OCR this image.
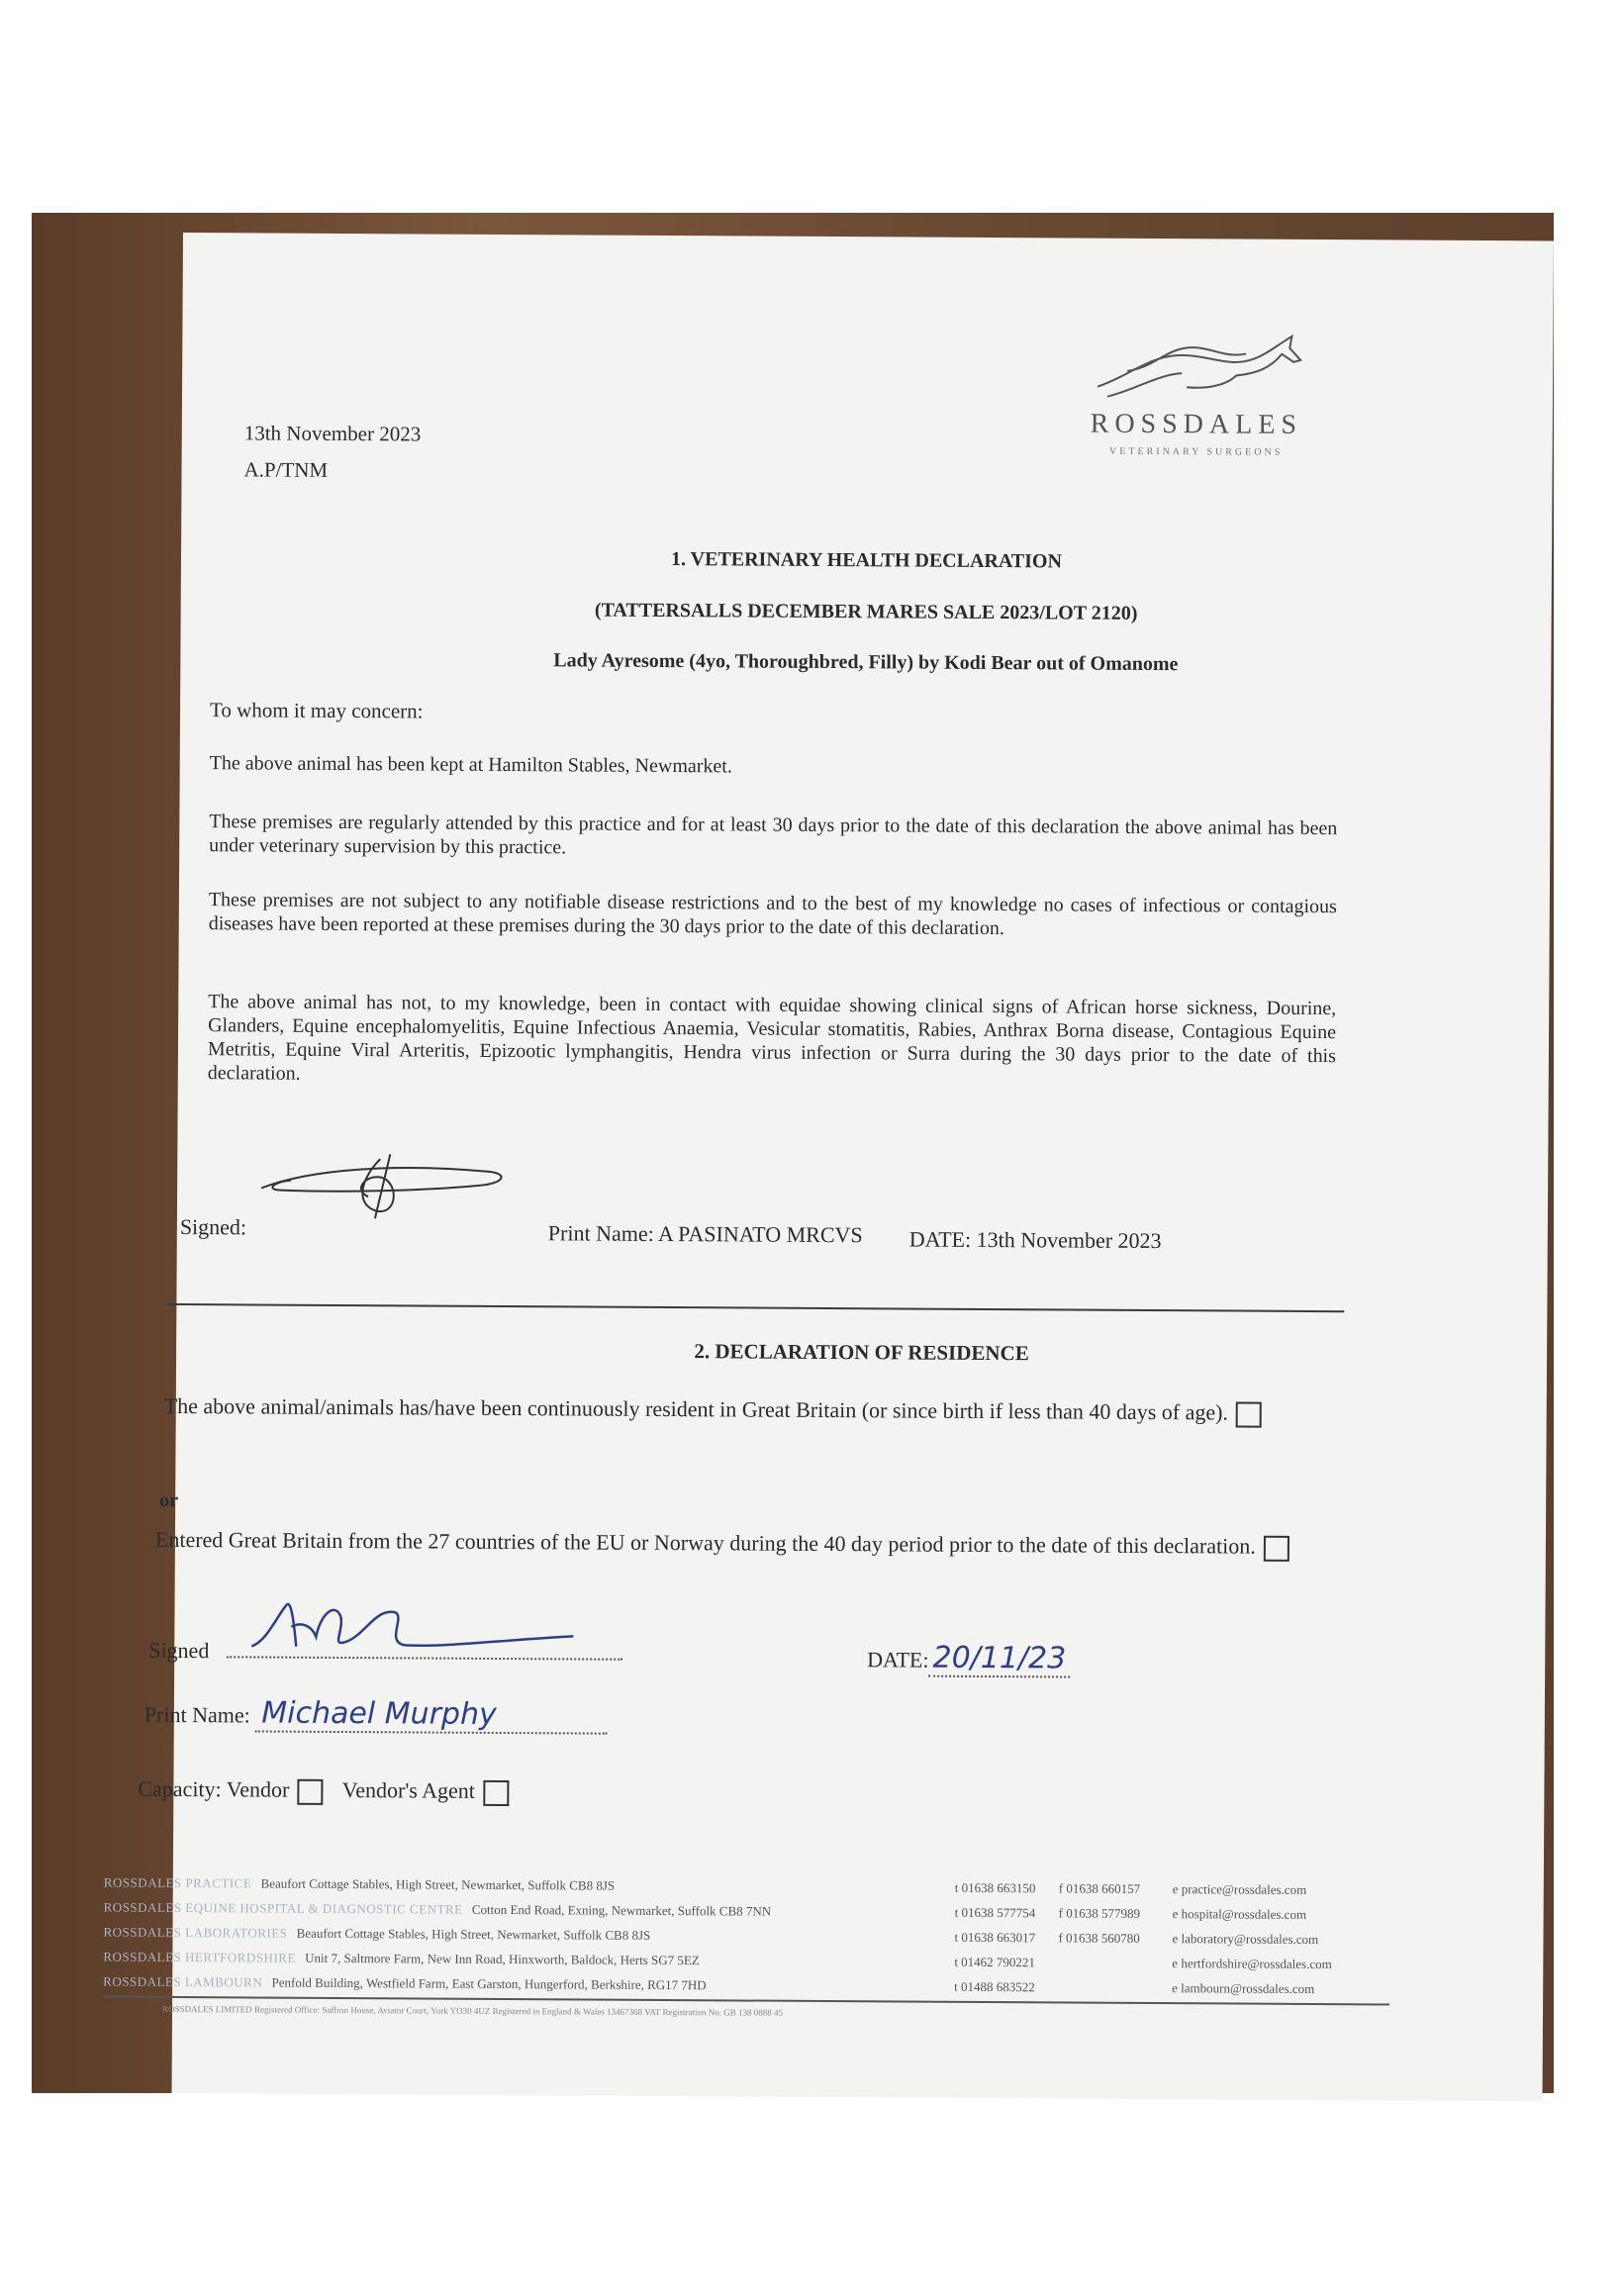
13th November 2023
A.P/TNM
ROSSDALES
VETERINARY SURGEONS
1. VETERINARY HEALTH DECLARATION
(TATTERSALLS DECEMBER MARES SALE 2023/LOT 2120)
Lady Ayresome (4yo, Thoroughbred, Filly) by Kodi Bear out of Omanome
To whom it may concern:
The above animal has been kept at Hamilton Stables, Newmarket.
These premises are regularly attended by this practice and for at least 30 days prior to the date of this declaration the above animal has been under veterinary supervision by this practice.
These premises are not subject to any notifiable disease restrictions and to the best of my knowledge no cases of infectious or contagious diseases have been reported at these premises during the 30 days prior to the date of this declaration.
The above animal has not, to my knowledge, been in contact with equidae showing clinical signs of African horse sickness, Dourine, Glanders, Equine encephalomyelitis, Equine Infectious Anaemia, Vesicular stomatitis, Rabies, Anthrax Borna disease, Contagious Equine Metritis, Equine Viral Arteritis, Epizootic lymphangitis, Hendra virus infection or Surra during the 30 days prior to the date of this declaration.
Signed:	Print Name: A PASINATO MRCVS DATE: 13th November 2023
2. DECLARATION OF RESIDENCE
The above animal/animals has/have been continuously resident in Great Britain (or since birth if less than 40 days of age).
or
Entered Great Britain from the 27 countries of the EU or Norway during the 40 day period prior to the date of this declaration.
Signed	DATE: 20/11/23
Print Name: Michael Murphy
Capacity: Vendor Vendor's Agent
ROSSDALES PRACTICE Beaufort Cottage Stables, High Street, Newmarket, Suffolk CB8 8JS	t 01638 663150 f 01638 660157	e practice@rossdales.com
ROSSDALES EQUINE HOSPITAL & DIAGNOSTIC CENTRE Cotton End Road, Exning, Newmarket, Suffolk CB8 7NN	t 01638 577754 f 01638 577989	e hospital@rossdales.com
ROSSDALES LABORATORIES Beaufort Cottage Stables, High Street, Newmarket, Suffolk CB8 8JS	t 01638 663017 f 01638 560780	e laboratory@rossdales.com
ROSSDALES HERTFORDSHIRE Unit 7, Saltmore Farm, New Inn Road, Hinxworth, Baldock, Herts SG7 5EZ	t 01462 790221	e hertfordshire@rossdales.com
ROSSDALES LAMBOURN Penfold Building, Westfield Farm, East Garston, Hungerford, Berkshire, RG17 7HD	t 01488 683522	e lambourn@rossdales.com
ROSSDALES LIMITED Registered Office: Saffron House, Aviator Court, York YO30 4UZ Registered in England & Wales 13467368 VAT Registration No. GB 138 0888 45
